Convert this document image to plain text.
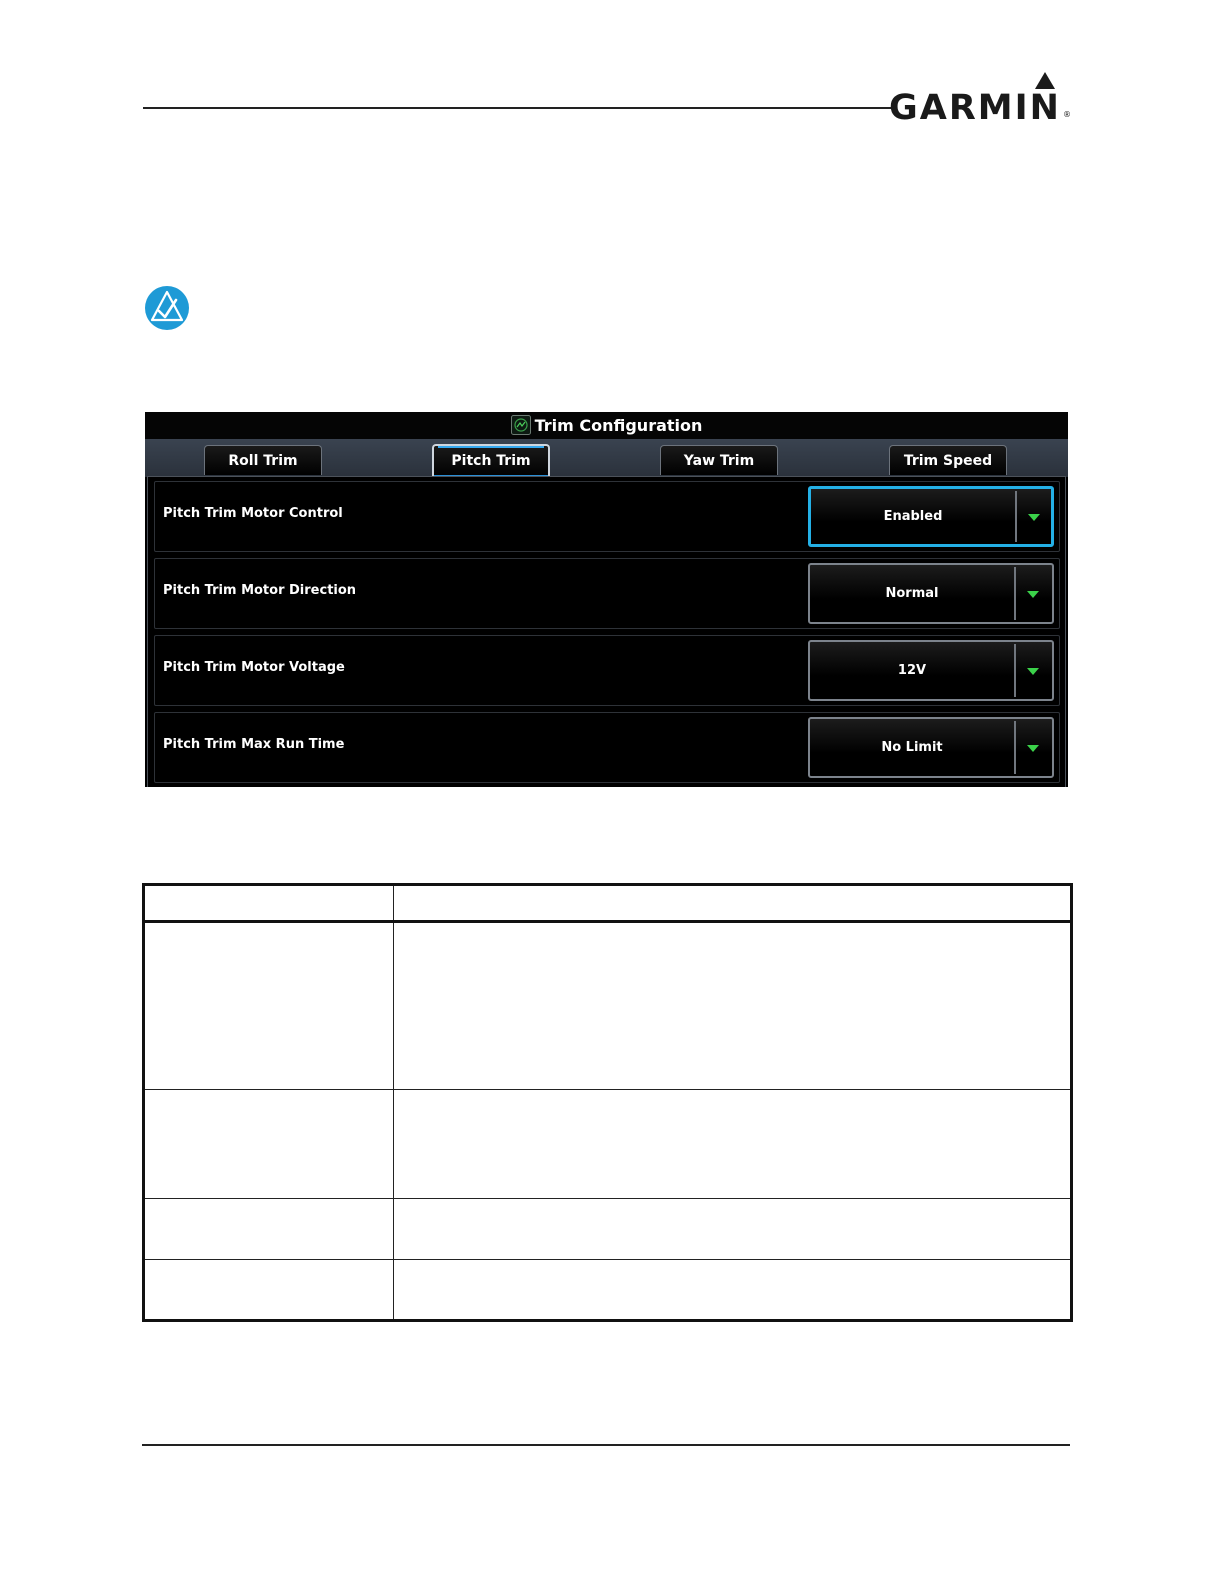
GARMIN ®
Trim Configuration
Roll Trim	Pitch Trim	Yaw Trim	Trim Speed
Pitch Trim Motor Control	Enabled
Pitch Trim Motor Direction	Normal
Pitch Trim Motor Voltage	12V
Pitch Trim Max Run Time	No Limit
